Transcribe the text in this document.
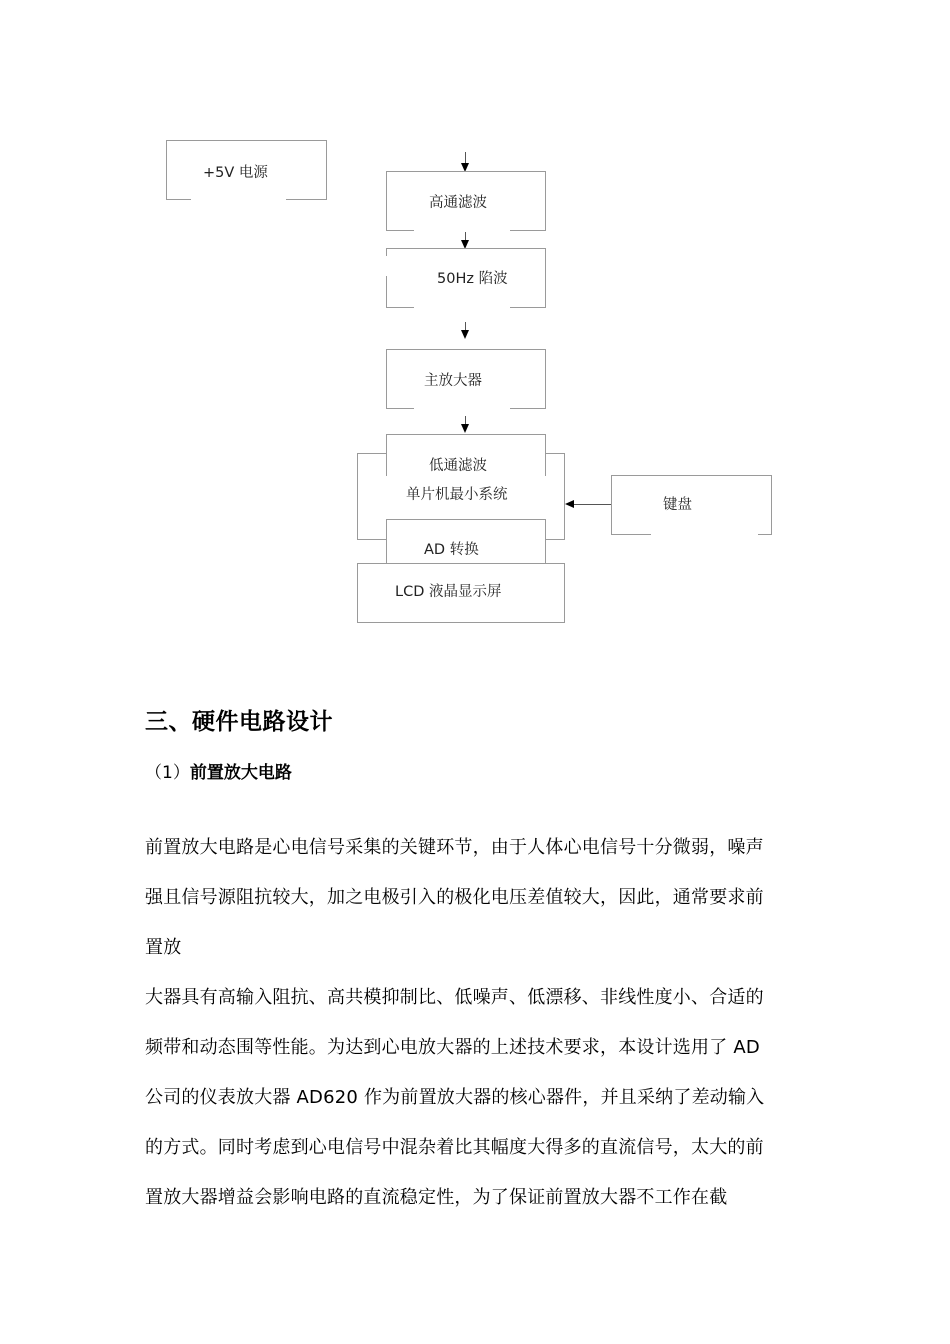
+5V 电源
高通滤波
50Hz 陷波
主放大器
单片机最小系统
低通滤波
键盘
AD 转换
LCD 液晶显示屏
三、硬件电路设计
（1）前置放大电路
前置放大电路是心电信号采集的关键环节，由于人体心电信号十分微弱，噪声
强且信号源阻抗较大，加之电极引入的极化电压差值较大，因此，通常要求前
置放
大器具有高输入阻抗、高共模抑制比、低噪声、低漂移、非线性度小、合适的
频带和动态围等性能。为达到心电放大器的上述技术要求，本设计选用了 AD
公司的仪表放大器 AD620 作为前置放大器的核心器件，并且采纳了差动输入
的方式。同时考虑到心电信号中混杂着比其幅度大得多的直流信号，太大的前
置放大器增益会影响电路的直流稳定性，为了保证前置放大器不工作在截
